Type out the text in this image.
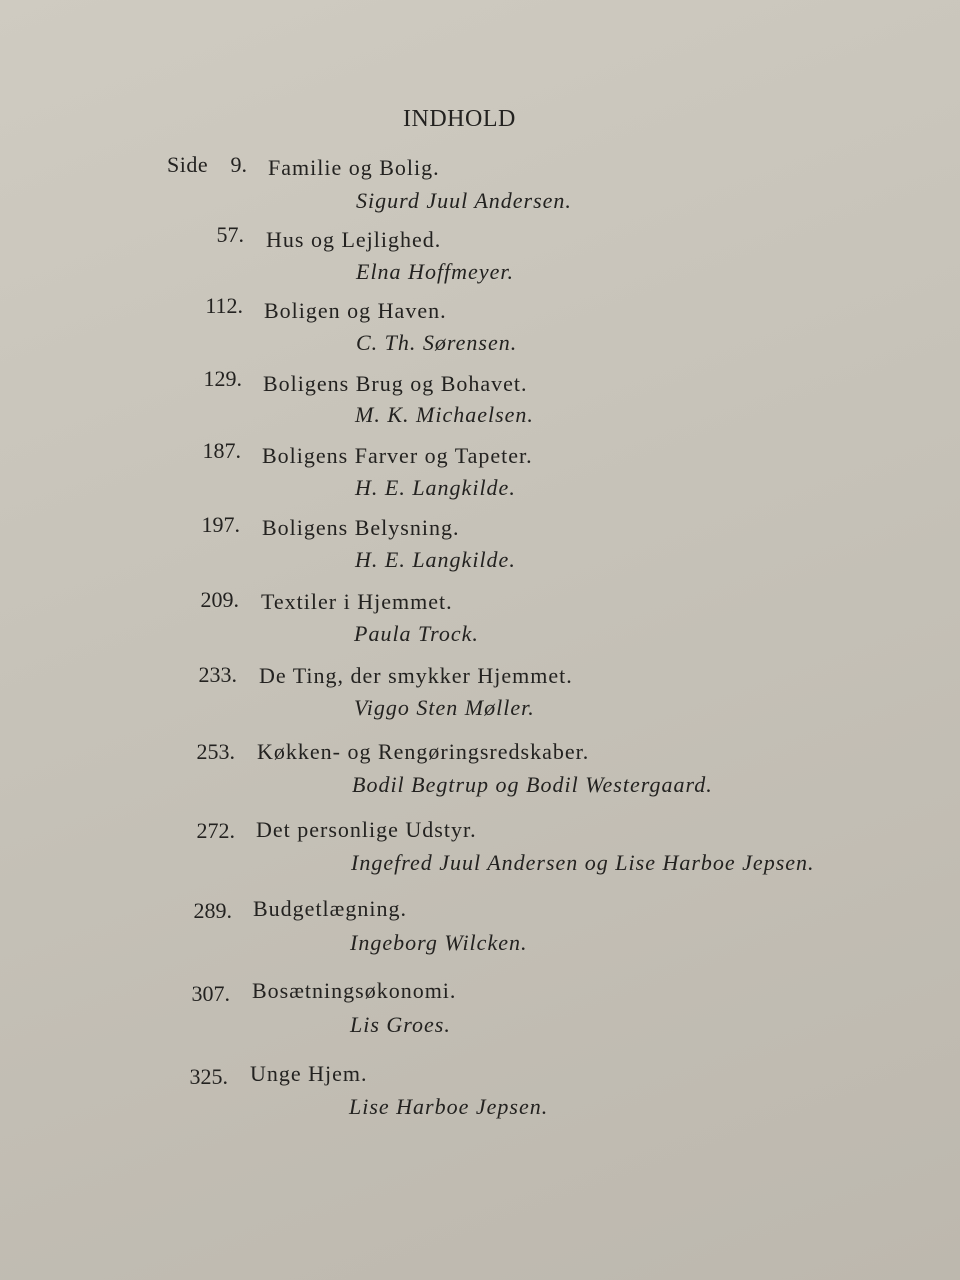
INDHOLD
Side	9. Familie og Bolig.
Sigurd Juul Andersen.
57. Hus og Lejlighed.
Elna Hoffmeyer.
112. Boligen og Haven.
C. Th. Sørensen.
129. Boligens Brug og Bohavet.
M. K. Michaelsen.
187. Boligens Farver og Tapeter.
H. E. Langkilde.
197. Boligens Belysning.
H. E. Langkilde.
209. Textiler i Hjemmet.
Paula Trock.
233. De Ting, der smykker Hjemmet.
Viggo Sten Møller.
253. Køkken- og Rengøringsredskaber.
Bodil Begtrup og Bodil Westergaard.
272. Det personlige Udstyr.
Ingefred Juul Andersen og Lise Harboe Jepsen.
289. Budgetlægning.
Ingeborg Wilcken.
307. Bosætningsøkonomi.
Lis Groes.
325. Unge Hjem.
Lise Harboe Jepsen.
